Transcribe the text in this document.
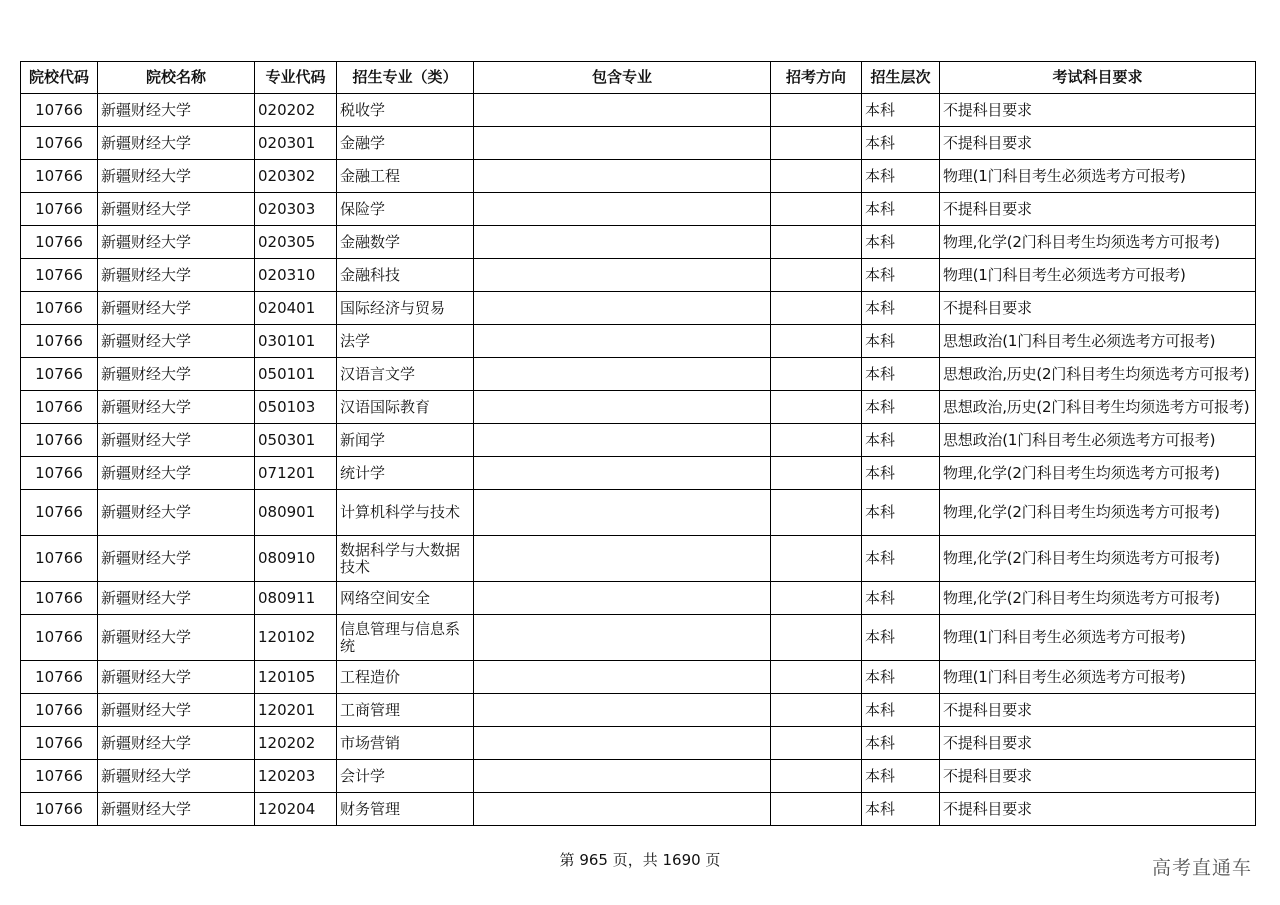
院校代码	院校名称	专业代码	招生专业（类）	包含专业	招考方向	招生层次	考试科目要求
10766	新疆财经大学	020202	税收学			本科	不提科目要求
10766	新疆财经大学	020301	金融学			本科	不提科目要求
10766	新疆财经大学	020302	金融工程			本科	物理(1门科目考生必须选考方可报考)
10766	新疆财经大学	020303	保险学			本科	不提科目要求
10766	新疆财经大学	020305	金融数学			本科	物理,化学(2门科目考生均须选考方可报考)
10766	新疆财经大学	020310	金融科技			本科	物理(1门科目考生必须选考方可报考)
10766	新疆财经大学	020401	国际经济与贸易			本科	不提科目要求
10766	新疆财经大学	030101	法学			本科	思想政治(1门科目考生必须选考方可报考)
10766	新疆财经大学	050101	汉语言文学			本科	思想政治,历史(2门科目考生均须选考方可报考)
10766	新疆财经大学	050103	汉语国际教育			本科	思想政治,历史(2门科目考生均须选考方可报考)
10766	新疆财经大学	050301	新闻学			本科	思想政治(1门科目考生必须选考方可报考)
10766	新疆财经大学	071201	统计学			本科	物理,化学(2门科目考生均须选考方可报考)
10766	新疆财经大学	080901	计算机科学与技术			本科	物理,化学(2门科目考生均须选考方可报考)
10766	新疆财经大学	080910	数据科学与大数据技术			本科	物理,化学(2门科目考生均须选考方可报考)
10766	新疆财经大学	080911	网络空间安全			本科	物理,化学(2门科目考生均须选考方可报考)
10766	新疆财经大学	120102	信息管理与信息系统			本科	物理(1门科目考生必须选考方可报考)
10766	新疆财经大学	120105	工程造价			本科	物理(1门科目考生必须选考方可报考)
10766	新疆财经大学	120201	工商管理			本科	不提科目要求
10766	新疆财经大学	120202	市场营销			本科	不提科目要求
10766	新疆财经大学	120203	会计学			本科	不提科目要求
10766	新疆财经大学	120204	财务管理			本科	不提科目要求
第 965 页，共 1690 页	高考直通车
